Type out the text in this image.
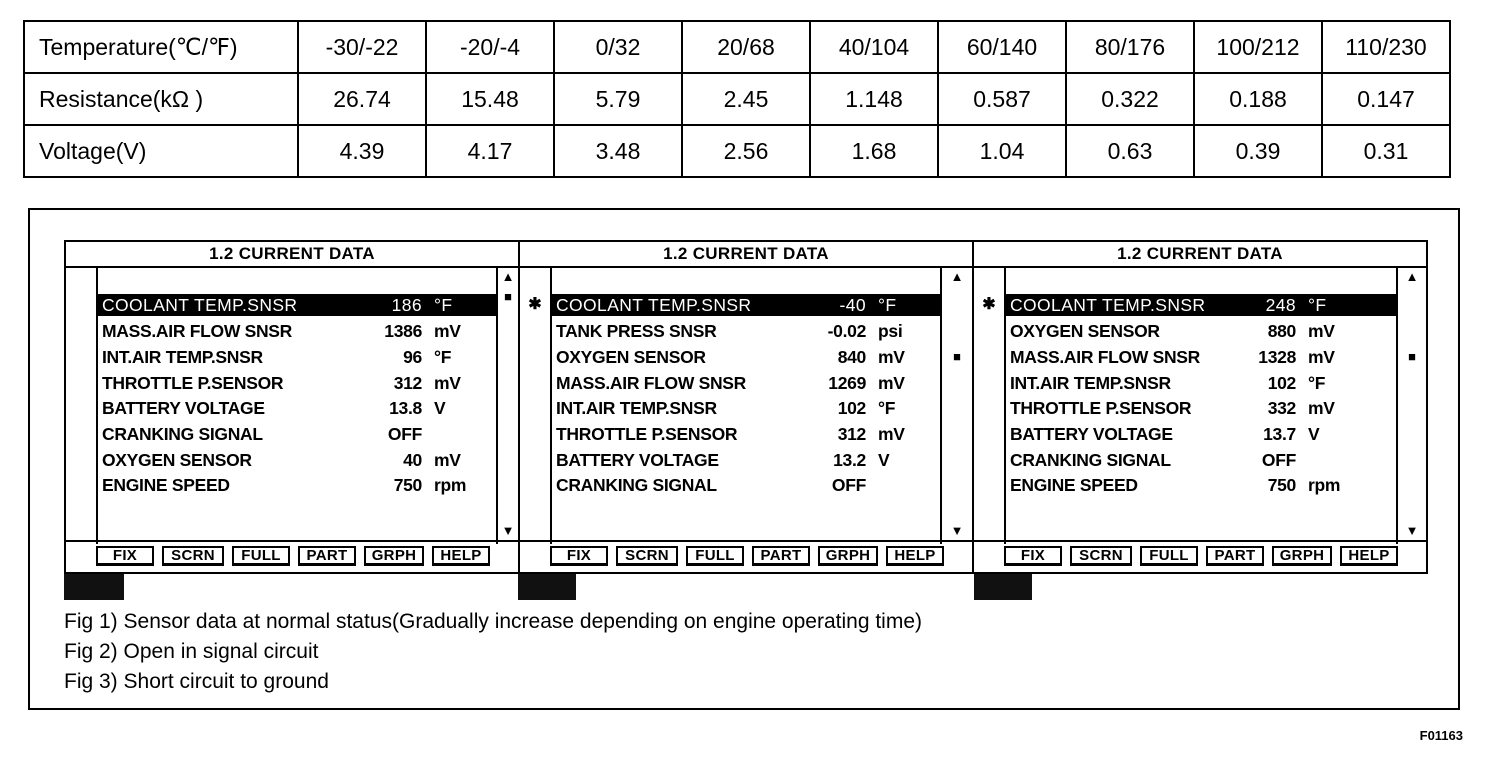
Temperature(℃/℉)	-30/-22	-20/-4	0/32	20/68	40/104	60/140	80/176	100/212	110/230
Resistance(kΩ )	26.74	15.48	5.79	2.45	1.148	0.587	0.322	0.188	0.147
Voltage(V)	4.39	4.17	3.48	2.56	1.68	1.04	0.63	0.39	0.31
1.2 CURRENT DATA
COOLANT TEMP.SNSR	186 °F
MASS.AIR FLOW SNSR	1386 mV
INT.AIR TEMP.SNSR	96 °F
THROTTLE P.SENSOR	312 mV
BATTERY VOLTAGE	13.8 V
CRANKING SIGNAL	OFF
OXYGEN SENSOR	40 mV
ENGINE SPEED	750 rpm
▲
■
▼
FIX	SCRN	FULL	PART	GRPH	HELP
1.2 CURRENT DATA
✱ COOLANT TEMP.SNSR	-40 °F
TANK PRESS SNSR	-0.02 psi
OXYGEN SENSOR	840 mV
MASS.AIR FLOW SNSR	1269 mV
INT.AIR TEMP.SNSR	102 °F
THROTTLE P.SENSOR	312 mV
BATTERY VOLTAGE	13.2 V
CRANKING SIGNAL	OFF
▲
■
▼
FIX	SCRN	FULL	PART	GRPH	HELP
1.2 CURRENT DATA
✱ COOLANT TEMP.SNSR	248 °F
OXYGEN SENSOR	880 mV
MASS.AIR FLOW SNSR	1328 mV
INT.AIR TEMP.SNSR	102 °F
THROTTLE P.SENSOR	332 mV
BATTERY VOLTAGE	13.7 V
CRANKING SIGNAL	OFF
ENGINE SPEED	750 rpm
▲
■
▼
FIX	SCRN	FULL	PART	GRPH	HELP
Fig 1) Sensor data at normal status(Gradually increase depending on engine operating time)
Fig 2) Open in signal circuit
Fig 3) Short circuit to ground
F01163
